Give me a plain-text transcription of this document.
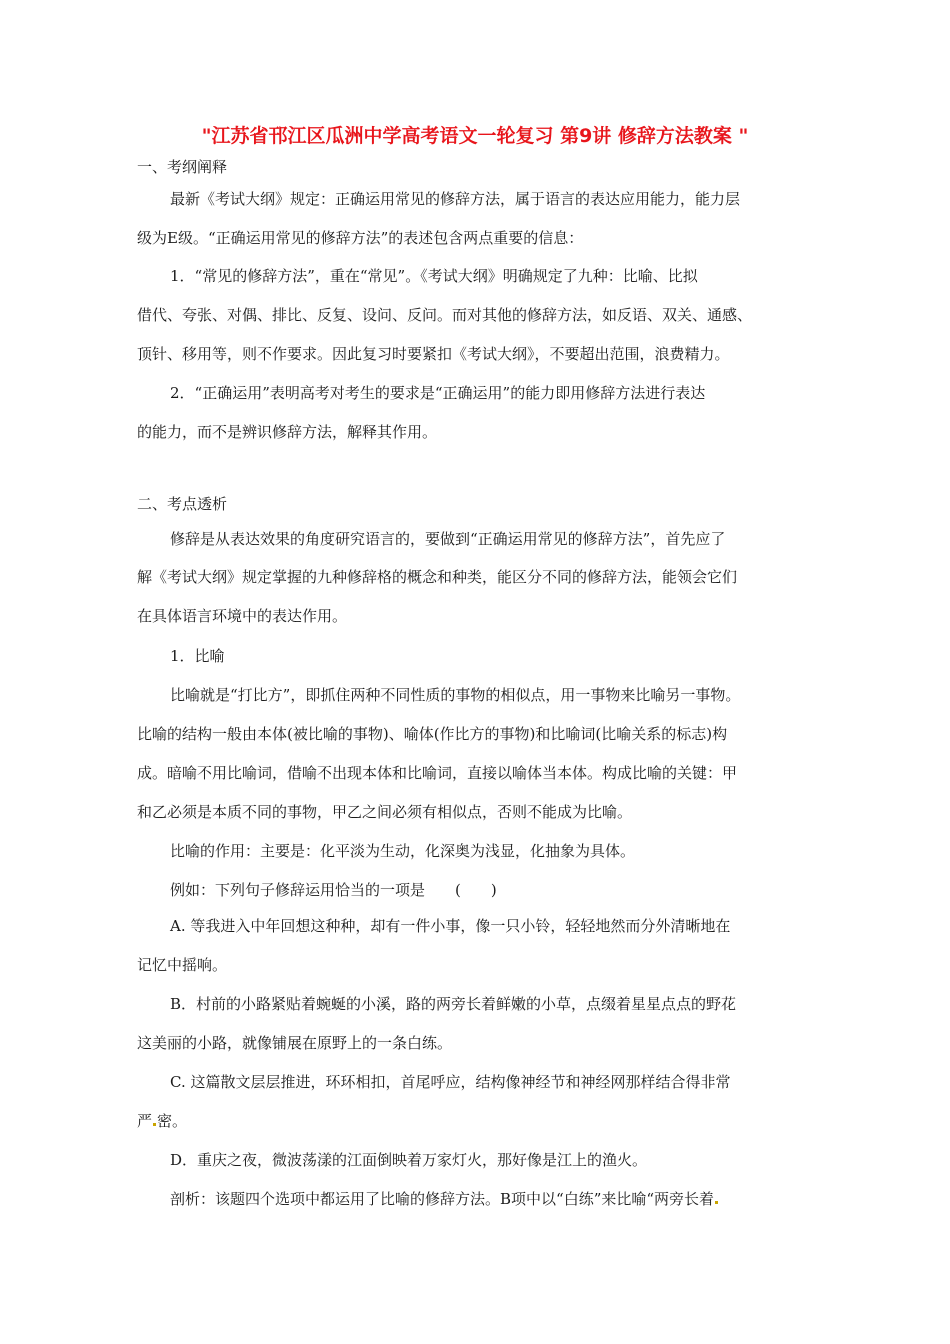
"江苏省邗江区瓜洲中学高考语文一轮复习 第9讲 修辞方法教案 "
一、考纲阐释
最新《考试大纲》规定：正确运用常见的修辞方法，属于语言的表达应用能力，能力层
级为E级。“正确运用常见的修辞方法”的表述包含两点重要的信息：
1．“常见的修辞方法”，重在“常见”。《考试大纲》明确规定了九种：比喻、比拟
借代、夸张、对偶、排比、反复、设问、反问。而对其他的修辞方法，如反语、双关、通感、
顶针、移用等，则不作要求。因此复习时要紧扣《考试大纲》，不要超出范围，浪费精力。
2．“正确运用”表明高考对考生的要求是“正确运用”的能力即用修辞方法进行表达
的能力，而不是辨识修辞方法，解释其作用。
二、考点透析
修辞是从表达效果的角度研究语言的，要做到“正确运用常见的修辞方法”，首先应了
解《考试大纲》规定掌握的九种修辞格的概念和种类，能区分不同的修辞方法，能领会它们
在具体语言环境中的表达作用。
1．比喻
比喻就是“打比方”，即抓住两种不同性质的事物的相似点，用一事物来比喻另一事物。
比喻的结构一般由本体(被比喻的事物)、喻体(作比方的事物)和比喻词(比喻关系的标志)构
成。暗喻不用比喻词，借喻不出现本体和比喻词，直接以喻体当本体。构成比喻的关键：甲
和乙必须是本质不同的事物，甲乙之间必须有相似点，否则不能成为比喻。
比喻的作用：主要是：化平淡为生动，化深奥为浅显，化抽象为具体。
例如：下列句子修辞运用恰当的一项是　　(　　)
A. 等我进入中年回想这种种，却有一件小事，像一只小铃，轻轻地然而分外清晰地在
记忆中摇响。
B．村前的小路紧贴着蜿蜒的小溪，路的两旁长着鲜嫩的小草，点缀着星星点点的野花
这美丽的小路，就像铺展在原野上的一条白练。
C. 这篇散文层层推进，环环相扣，首尾呼应，结构像神经节和神经网那样结合得非常
严 密。
D．重庆之夜，微波荡漾的江面倒映着万家灯火，那好像是江上的渔火。
剖析：该题四个选项中都运用了比喻的修辞方法。B项中以“白练”来比喻“两旁长着
